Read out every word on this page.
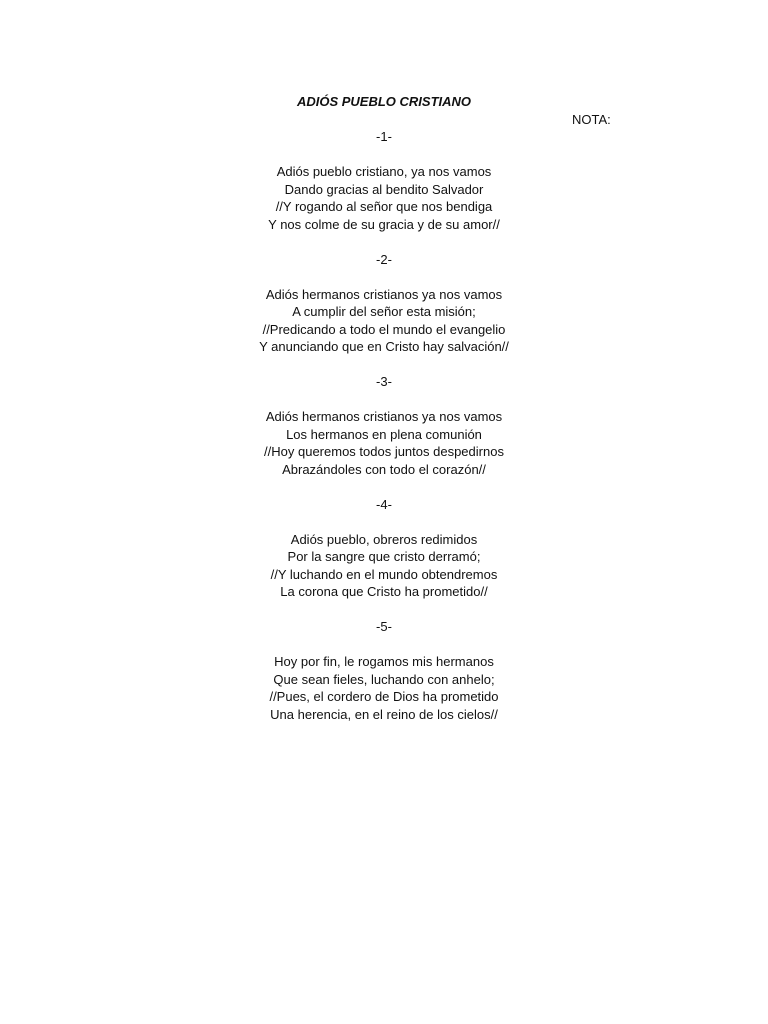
ADIÓS PUEBLO CRISTIANO
NOTA:
-1-
Adiós pueblo cristiano, ya nos vamos
Dando gracias al bendito Salvador
//Y rogando al señor que nos bendiga
Y nos colme de su gracia y de su amor//
-2-
Adiós hermanos cristianos ya nos vamos
A cumplir del señor esta misión;
//Predicando a todo el mundo el evangelio
Y anunciando que en Cristo hay salvación//
-3-
Adiós hermanos cristianos ya nos vamos
Los hermanos en plena comunión
//Hoy queremos todos juntos despedirnos
Abrazándoles con todo el corazón//
-4-
Adiós pueblo, obreros redimidos
Por la sangre que cristo derramó;
//Y luchando en el mundo obtendremos
La corona que Cristo ha prometido//
-5-
Hoy por fin, le rogamos mis hermanos
Que sean fieles, luchando con anhelo;
//Pues, el cordero de Dios ha prometido
Una herencia, en el reino de los cielos//
